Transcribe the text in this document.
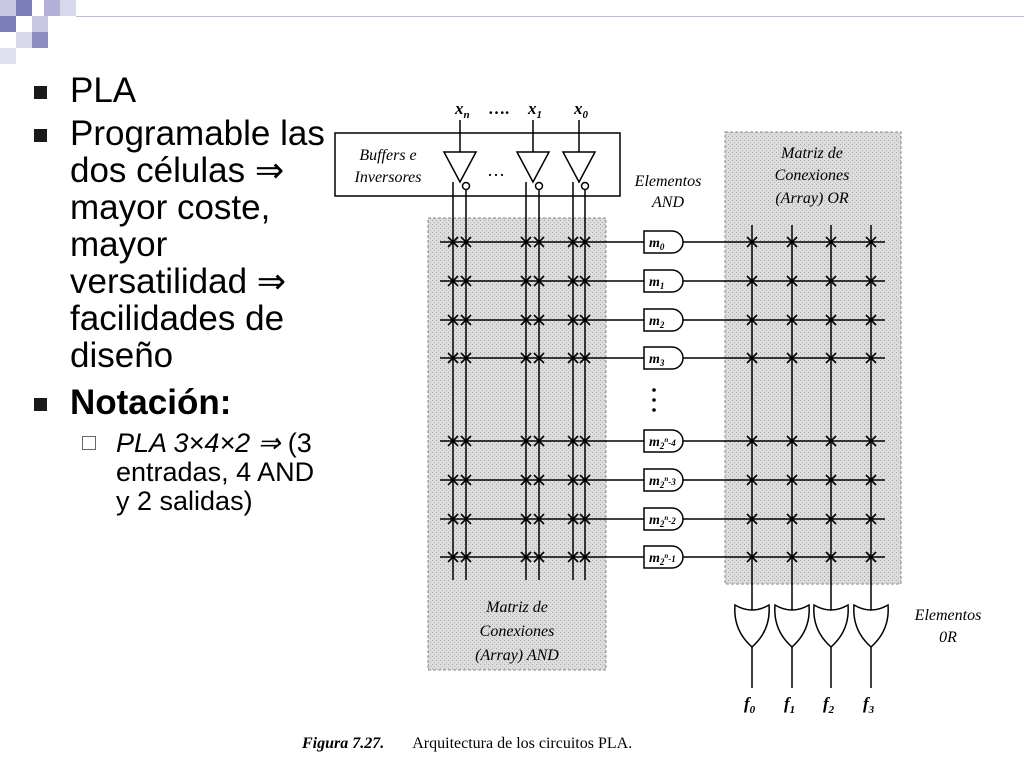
PLA
Programable las dos células ⇒ mayor coste, mayor versatilidad ⇒ facilidades de diseño
Notación:
PLA 3×4×2 ⇒ (3 entradas, 4 AND y 2 salidas)
Buffers e
Inversores	…
$x_n$ …. $x_1$ $x_0$
$m_0$
$m_1$
$m_2$
$m_3$
$m_2^n_{-4}$
$m_2^n_{-3}$
$m_2^n_{-2}$
$m_2^n_{-1}$
Elementos
AND
Matriz de
Conexiones
(Array) OR
Matriz de
Conexiones
(Array) AND
Elementos
0R
$f_0$ $f_1$ $f_2$ $f_3$
Figura 7.27. Arquitectura de los circuitos PLA.
